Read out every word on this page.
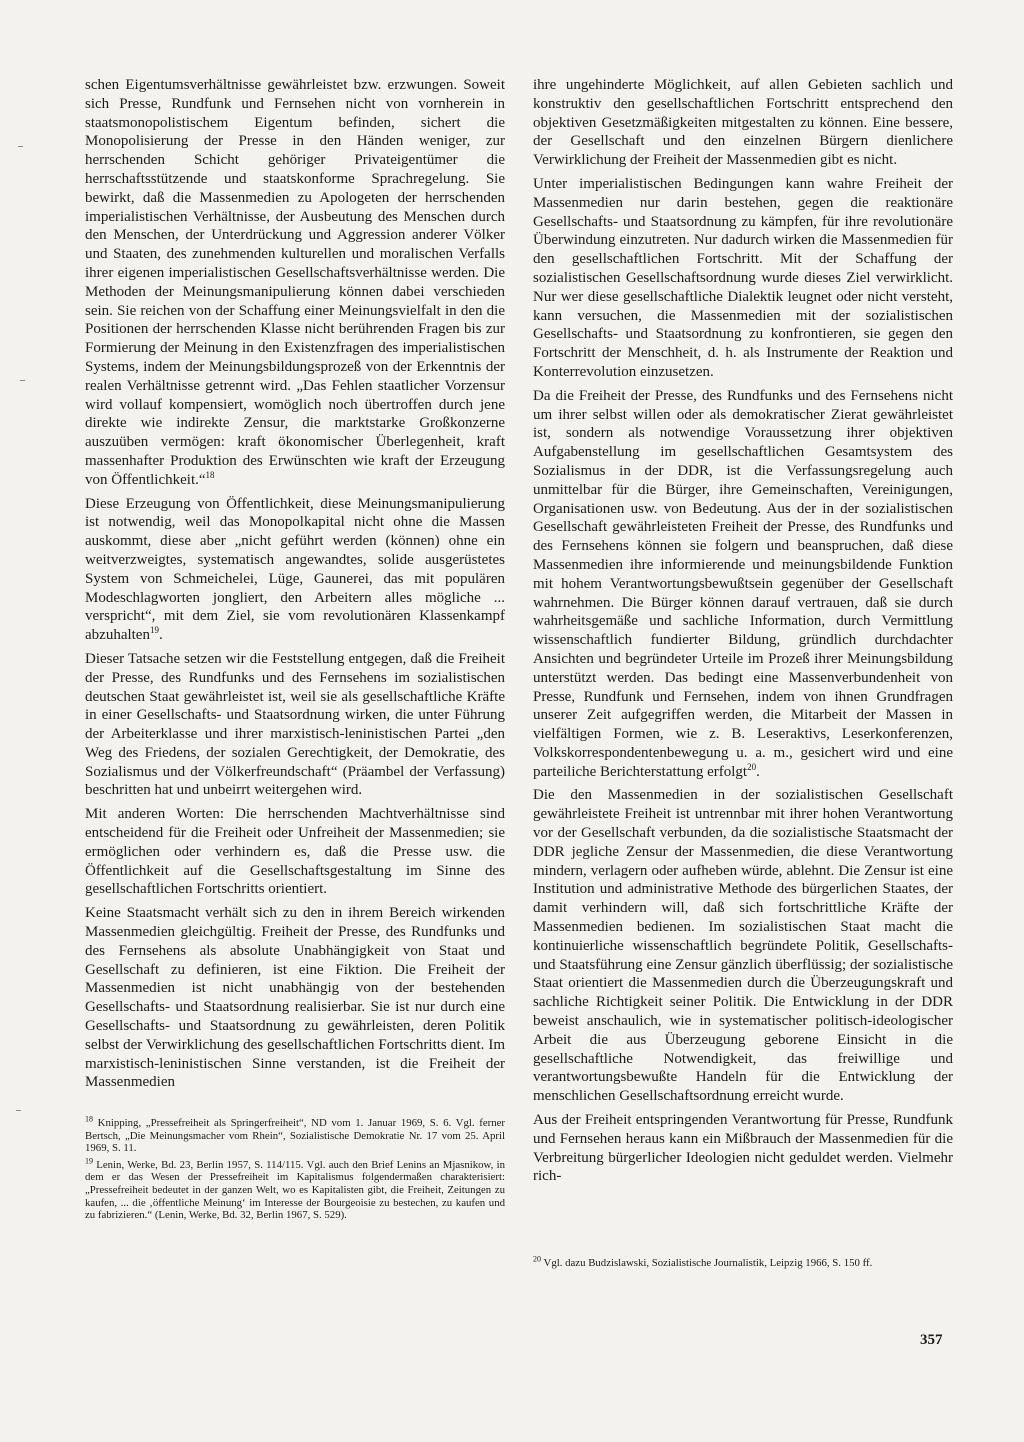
schen Eigentumsverhältnisse gewährleistet bzw. erzwungen. Soweit sich Presse, Rundfunk und Fernsehen nicht von vornherein in staatsmonopolistischem Eigentum befinden, sichert die Monopolisierung der Presse in den Händen weniger, zur herrschenden Schicht gehöriger Privateigentümer die herrschaftsstützende und staatskonforme Sprachregelung. Sie bewirkt, daß die Massenmedien zu Apologeten der herrschenden imperialistischen Verhältnisse, der Ausbeutung des Menschen durch den Menschen, der Unterdrückung und Aggression anderer Völker und Staaten, des zunehmenden kulturellen und moralischen Verfalls ihrer eigenen imperialistischen Gesellschaftsverhältnisse werden. Die Methoden der Meinungsmanipulierung können dabei verschieden sein. Sie reichen von der Schaffung einer Meinungsvielfalt in den die Positionen der herrschenden Klasse nicht berührenden Fragen bis zur Formierung der Meinung in den Existenzfragen des imperialistischen Systems, indem der Meinungsbildungsprozeß von der Erkenntnis der realen Verhältnisse getrennt wird. „Das Fehlen staatlicher Vorzensur wird vollauf kompensiert, womöglich noch übertroffen durch jene direkte wie indirekte Zensur, die marktstarke Großkonzerne auszuüben vermögen: kraft ökonomischer Überlegenheit, kraft massenhafter Produktion des Erwünschten wie kraft der Erzeugung von Öffentlichkeit.“$^{18}$

Diese Erzeugung von Öffentlichkeit, diese Meinungsmanipulierung ist notwendig, weil das Monopolkapital nicht ohne die Massen auskommt, diese aber „nicht geführt werden (können) ohne ein weitverzweigtes, systematisch angewandtes, solide ausgerüstetes System von Schmeichelei, Lüge, Gaunerei, das mit populären Modeschlagworten jongliert, den Arbeitern alles mögliche ... verspricht“, mit dem Ziel, sie vom revolutionären Klassenkampf abzuhalten$^{19}$.

Dieser Tatsache setzen wir die Feststellung entgegen, daß die Freiheit der Presse, des Rundfunks und des Fernsehens im sozialistischen deutschen Staat gewährleistet ist, weil sie als gesellschaftliche Kräfte in einer Gesellschafts- und Staatsordnung wirken, die unter Führung der Arbeiterklasse und ihrer marxistisch-leninistischen Partei „den Weg des Friedens, der sozialen Gerechtigkeit, der Demokratie, des Sozialismus und der Völkerfreundschaft“ (Präambel der Verfassung) beschritten hat und unbeirrt weitergehen wird.

Mit anderen Worten: Die herrschenden Machtverhältnisse sind entscheidend für die Freiheit oder Unfreiheit der Massenmedien; sie ermöglichen oder verhindern es, daß die Presse usw. die Öffentlichkeit auf die Gesellschaftsgestaltung im Sinne des gesellschaftlichen Fortschritts orientiert.

Keine Staatsmacht verhält sich zu den in ihrem Bereich wirkenden Massenmedien gleichgültig. Freiheit der Presse, des Rundfunks und des Fernsehens als absolute Unabhängigkeit von Staat und Gesellschaft zu definieren, ist eine Fiktion. Die Freiheit der Massenmedien ist nicht unabhängig von der bestehenden Gesellschafts- und Staatsordnung realisierbar. Sie ist nur durch eine Gesellschafts- und Staatsordnung zu gewährleisten, deren Politik selbst der Verwirklichung des gesellschaftlichen Fortschritts dient. Im marxistisch-leninistischen Sinne verstanden, ist die Freiheit der Massenmedien

ihre ungehinderte Möglichkeit, auf allen Gebieten sachlich und konstruktiv den gesellschaftlichen Fortschritt entsprechend den objektiven Gesetzmäßigkeiten mitgestalten zu können. Eine bessere, der Gesellschaft und den einzelnen Bürgern dienlichere Verwirklichung der Freiheit der Massenmedien gibt es nicht.

Unter imperialistischen Bedingungen kann wahre Freiheit der Massenmedien nur darin bestehen, gegen die reaktionäre Gesellschafts- und Staatsordnung zu kämpfen, für ihre revolutionäre Überwindung einzutreten. Nur dadurch wirken die Massenmedien für den gesellschaftlichen Fortschritt. Mit der Schaffung der sozialistischen Gesellschaftsordnung wurde dieses Ziel verwirklicht. Nur wer diese gesellschaftliche Dialektik leugnet oder nicht versteht, kann versuchen, die Massenmedien mit der sozialistischen Gesellschafts- und Staatsordnung zu konfrontieren, sie gegen den Fortschritt der Menschheit, d. h. als Instrumente der Reaktion und Konterrevolution einzusetzen.

Da die Freiheit der Presse, des Rundfunks und des Fernsehens nicht um ihrer selbst willen oder als demokratischer Zierat gewährleistet ist, sondern als notwendige Voraussetzung ihrer objektiven Aufgabenstellung im gesellschaftlichen Gesamtsystem des Sozialismus in der DDR, ist die Verfassungsregelung auch unmittelbar für die Bürger, ihre Gemeinschaften, Vereinigungen, Organisationen usw. von Bedeutung. Aus der in der sozialistischen Gesellschaft gewährleisteten Freiheit der Presse, des Rundfunks und des Fernsehens können sie folgern und beanspruchen, daß diese Massenmedien ihre informierende und meinungsbildende Funktion mit hohem Verantwortungsbewußtsein gegenüber der Gesellschaft wahrnehmen. Die Bürger können darauf vertrauen, daß sie durch wahrheitsgemäße und sachliche Information, durch Vermittlung wissenschaftlich fundierter Bildung, gründlich durchdachter Ansichten und begründeter Urteile im Prozeß ihrer Meinungsbildung unterstützt werden. Das bedingt eine Massenverbundenheit von Presse, Rundfunk und Fernsehen, indem von ihnen Grundfragen unserer Zeit aufgegriffen werden, die Mitarbeit der Massen in vielfältigen Formen, wie z. B. Leseraktivs, Leserkonferenzen, Volkskorrespondentenbewegung u. a. m., gesichert wird und eine parteiliche Berichterstattung erfolgt$^{20}$.

Die den Massenmedien in der sozialistischen Gesellschaft gewährleistete Freiheit ist untrennbar mit ihrer hohen Verantwortung vor der Gesellschaft verbunden, da die sozialistische Staatsmacht der DDR jegliche Zensur der Massenmedien, die diese Verantwortung mindern, verlagern oder aufheben würde, ablehnt. Die Zensur ist eine Institution und administrative Methode des bürgerlichen Staates, der damit verhindern will, daß sich fortschrittliche Kräfte der Massenmedien bedienen. Im sozialistischen Staat macht die kontinuierliche wissenschaftlich begründete Politik, Gesellschafts- und Staatsführung eine Zensur gänzlich überflüssig; der sozialistische Staat orientiert die Massenmedien durch die Überzeugungskraft und sachliche Richtigkeit seiner Politik. Die Entwicklung in der DDR beweist anschaulich, wie in systematischer politisch-ideologischer Arbeit die aus Überzeugung geborene Einsicht in die gesellschaftliche Notwendigkeit, das freiwillige und verantwortungsbewußte Handeln für die Entwicklung der menschlichen Gesellschaftsordnung erreicht wurde.

Aus der Freiheit entspringenden Verantwortung für Presse, Rundfunk und Fernsehen heraus kann ein Mißbrauch der Massenmedien für die Verbreitung bürgerlicher Ideologien nicht geduldet werden. Vielmehr rich-

$^{18}$ Knipping, „Pressefreiheit als Springerfreiheit“, ND vom 1. Januar 1969, S. 6. Vgl. ferner Bertsch, „Die Meinungsmacher vom Rhein“, Sozialistische Demokratie Nr. 17 vom 25. April 1969, S. 11.

$^{19}$ Lenin, Werke, Bd. 23, Berlin 1957, S. 114/115. Vgl. auch den Brief Lenins an Mjasnikow, in dem er das Wesen der Pressefreiheit im Kapitalismus folgendermaßen charakterisiert: „Pressefreiheit bedeutet in der ganzen Welt, wo es Kapitalisten gibt, die Freiheit, Zeitungen zu kaufen, ... die ‚öffentliche Meinung‘ im Interesse der Bourgeoisie zu bestechen, zu kaufen und zu fabrizieren.“ (Lenin, Werke, Bd. 32, Berlin 1967, S. 529).

$^{20}$ Vgl. dazu Budzislawski, Sozialistische Journalistik, Leipzig 1966, S. 150 ff.

357
